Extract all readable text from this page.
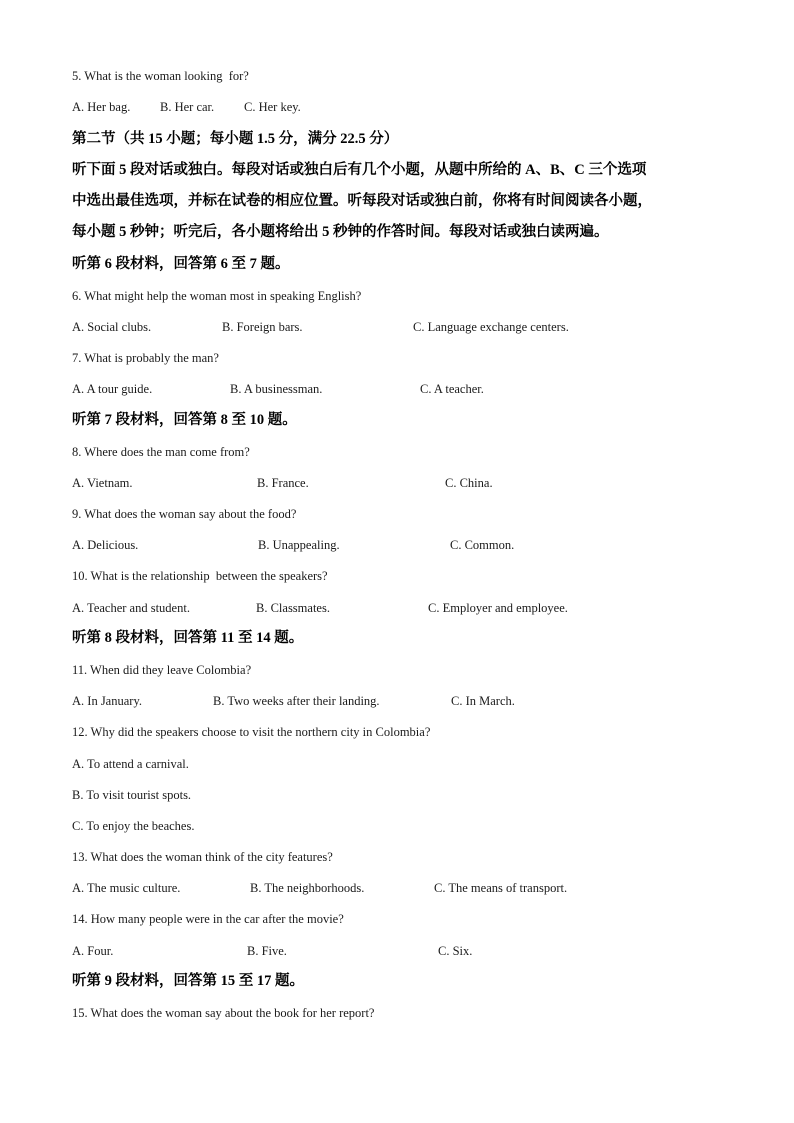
5. What is the woman looking  for?
A. Her bag. B. Her car. C. Her key.
第二节（共 15 小题；每小题 1.5 分，满分 22.5 分）
听下面 5 段对话或独白。每段对话或独白后有几个小题，从题中所给的 A、B、C 三个选项
中选出最佳选项，并标在试卷的相应位置。听每段对话或独白前，你将有时间阅读各小题，
每小题 5 秒钟；听完后，各小题将给出 5 秒钟的作答时间。每段对话或独白读两遍。
听第 6 段材料，回答第 6 至 7 题。
6. What might help the woman most in speaking English?
A. Social clubs.	B. Foreign bars.	C. Language exchange centers.
7. What is probably the man?
A. A tour guide.	B. A businessman.	C. A teacher.
听第 7 段材料，回答第 8 至 10 题。
8. Where does the man come from?
A. Vietnam.	B. France.	C. China.
9. What does the woman say about the food?
A. Delicious.	B. Unappealing.	C. Common.
10. What is the relationship  between the speakers?
A. Teacher and student.	B. Classmates.	C. Employer and employee.
听第 8 段材料，回答第 11 至 14 题。
11. When did they leave Colombia?
A. In January.	B. Two weeks after their landing.	C. In March.
12. Why did the speakers choose to visit the northern city in Colombia?
A. To attend a carnival.
B. To visit tourist spots.
C. To enjoy the beaches.
13. What does the woman think of the city features?
A. The music culture.	B. The neighborhoods.	C. The means of transport.
14. How many people were in the car after the movie?
A. Four.	B. Five.	C. Six.
听第 9 段材料，回答第 15 至 17 题。
15. What does the woman say about the book for her report?
